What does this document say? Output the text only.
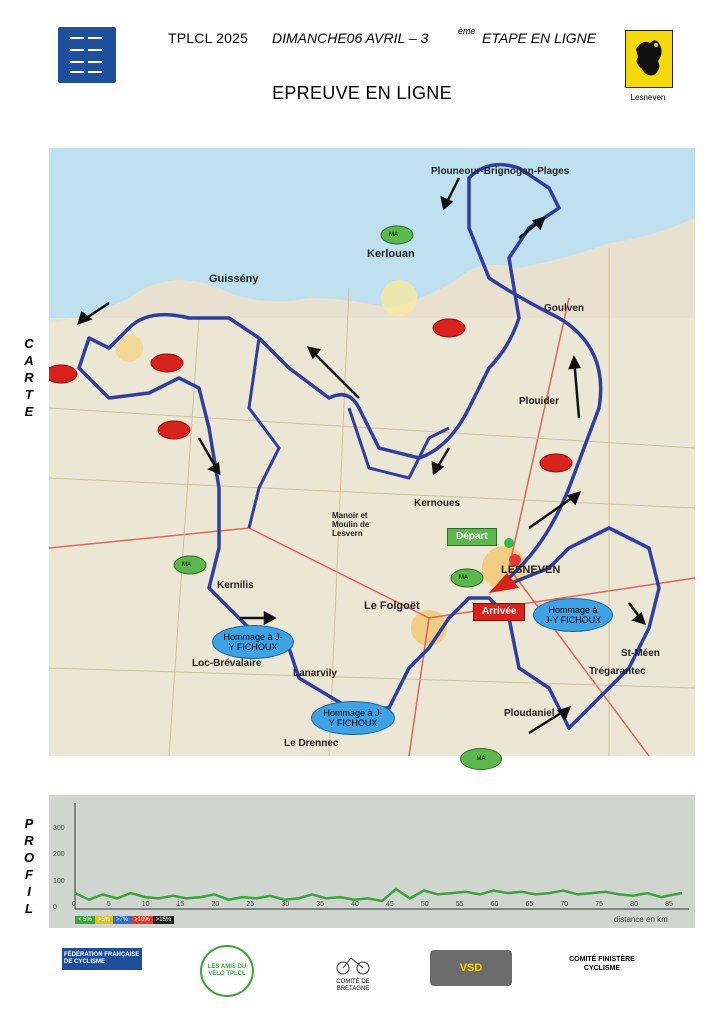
TPLCL 2025 DIMANCHE06 AVRIL – 3	ème ETAPE EN LIGNE
Lesneven
EPREUVE EN LIGNE
C
A
R
T
E
P
R
O
F
I
L
Plouneour-Brignogan-Plages
Kerlouan
Guissény
Goulven
Plouider
Kernoues
LESNEVEN
Le Folgoët
Kernilis
Lanarvily
Loc-Brévalaire
Le Drennec
Ploudaniel
Trégarantec
St-Méen
Manoir et Moulin de Lesvern	Départ
Arrivée	Hommage à J-Y FICHOUX
Hommage à J-Y FICHOUX
Hommage à J-Y FICHOUX
MA
MA
MA
MA
0
100
200
300
0	5	10	15	20	25	30	35	40	45	50	55	60	65	70	75	80	85
distance en km
< 5%	>5%	>7%	>10%	>15%
FÉDÉRATION FRANÇAISE DE CYCLISME
LES AMIS DU VÉLO TPLCL
COMITÉ DE BRETAGNE
VSD
COMITÉ FINISTÈRE CYCLISME
